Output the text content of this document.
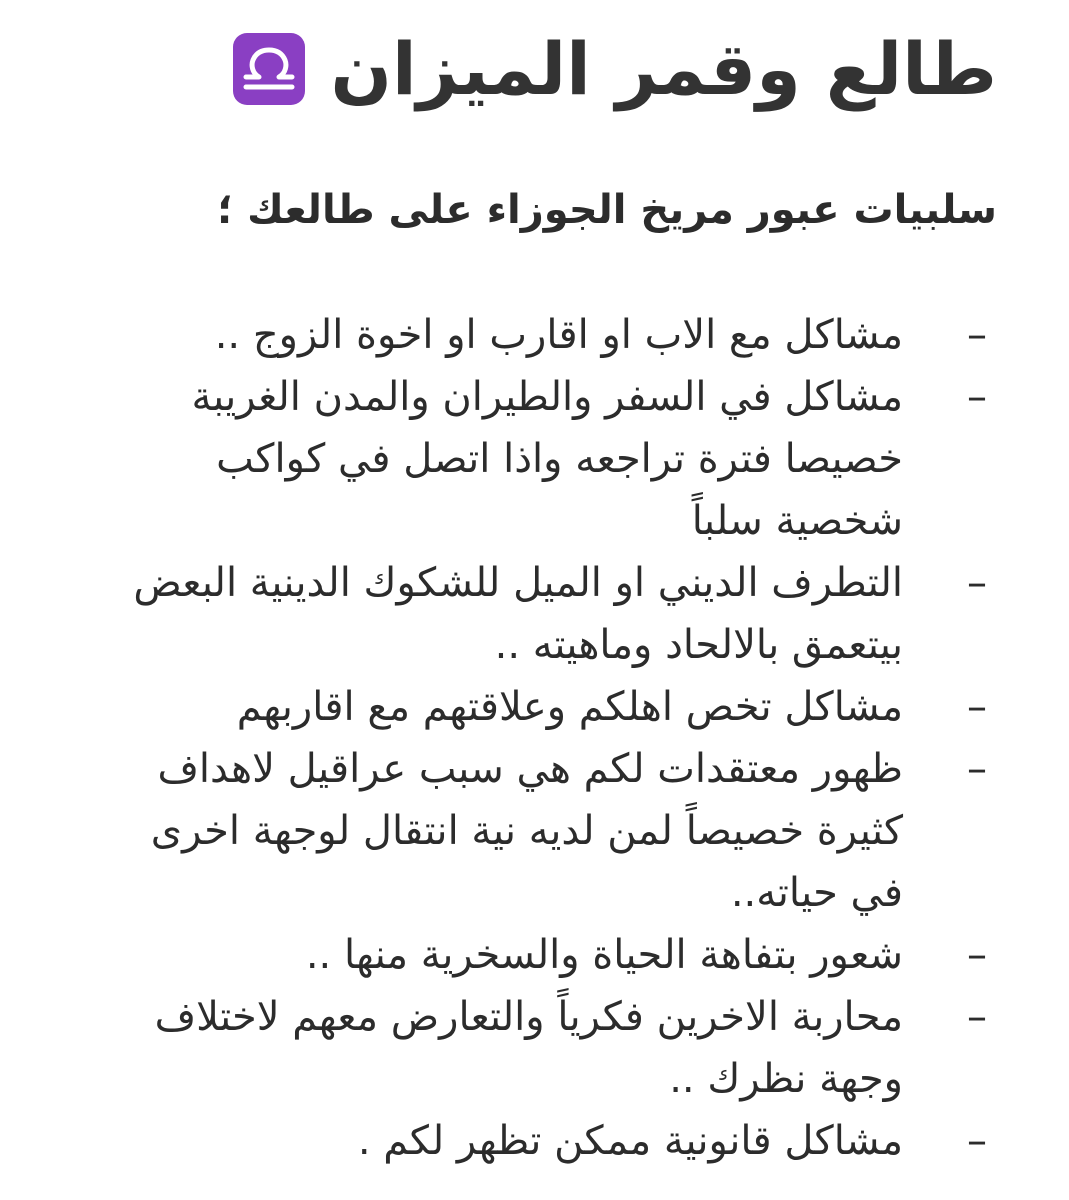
طالع وقمر الميزان
سلبيات عبور مريخ الجوزاء على طالعك ؛
–
مشاكل مع الاب او اقارب او اخوة الزوج ..
–
مشاكل في السفر والطيران والمدن الغريبة
خصيصا فترة تراجعه واذا اتصل في كواكب
شخصية سلباً
–
التطرف الديني او الميل للشكوك الدينية البعض
بيتعمق بالالحاد وماهيته ..
–
مشاكل تخص اهلكم وعلاقتهم مع اقاربهم
–
ظهور معتقدات لكم هي سبب عراقيل لاهداف
كثيرة خصيصاً لمن لديه نية انتقال لوجهة اخرى
في حياته..
–
شعور بتفاهة الحياة والسخرية منها ..
–
محاربة الاخرين فكرياً والتعارض معهم لاختلاف
وجهة نظرك ..
–
مشاكل قانونية ممكن تظهر لكم .
